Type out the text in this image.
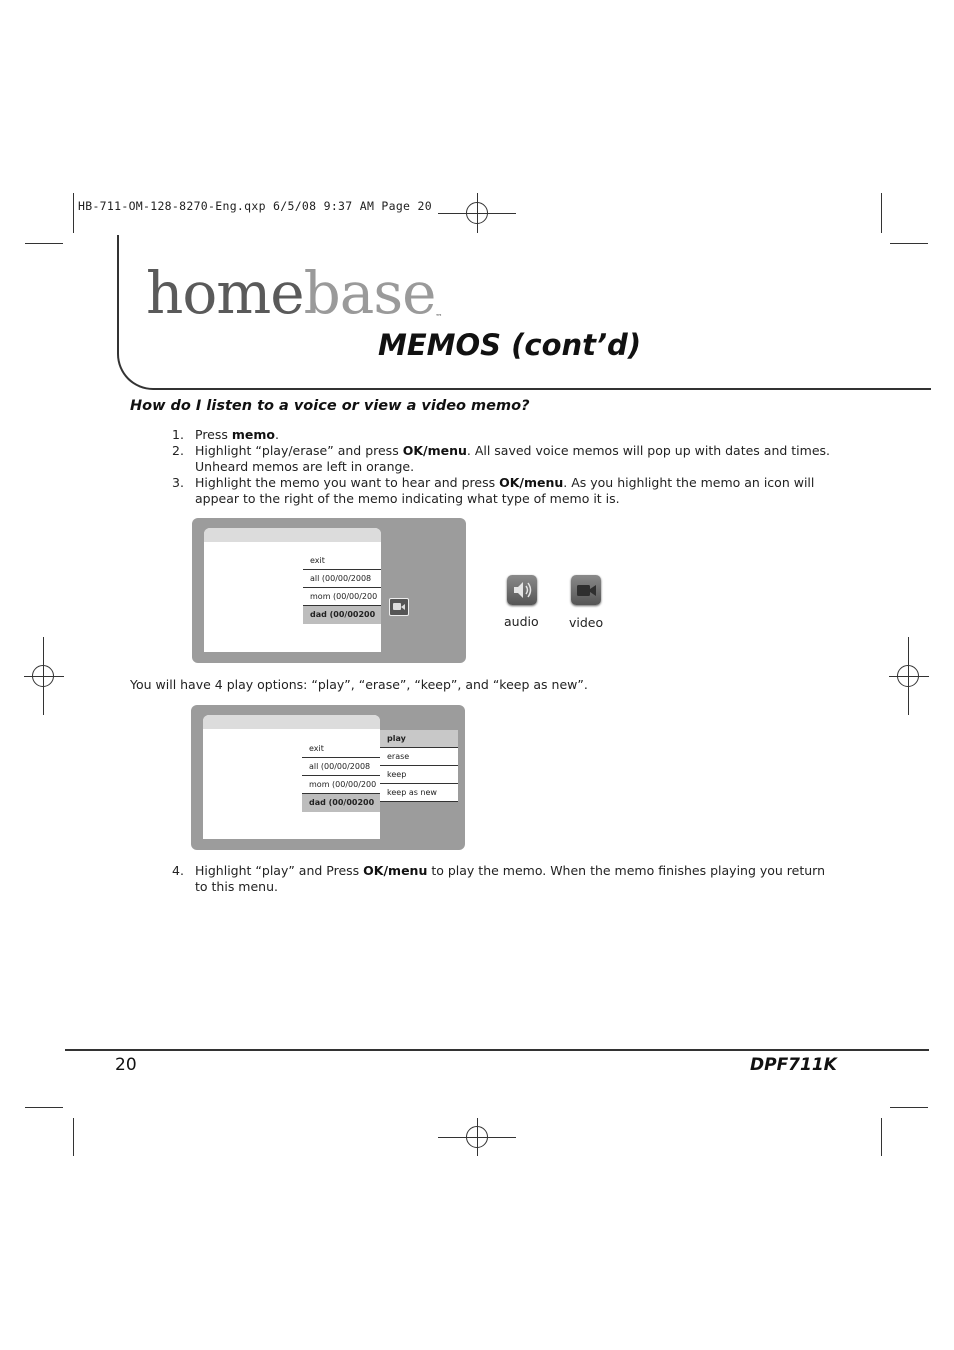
HB-711-OM-128-8270-Eng.qxp 6/5/08 9:37 AM Page 20
homebase™
MEMOS (cont’d)
How do I listen to a voice or view a video memo?
1. Press memo.
2. Highlight “play/erase” and press OK/menu. All saved voice memos will pop up with dates and times. Unheard memos are left in orange.
3. Highlight the memo you want to hear and press OK/menu. As you highlight the memo an icon will appear to the right of the memo indicating what type of memo it is.
exit
all (00/00/2008
mom (00/00/200
dad (00/00200	audio video
You will have 4 play options: “play”, “erase”, “keep”, and “keep as new”.
exit
all (00/00/2008
mom (00/00/200
dad (00/00200
play
erase
keep
keep as new
4. Highlight “play” and Press OK/menu to play the memo. When the memo finishes playing you return to this menu.
20	DPF711K
